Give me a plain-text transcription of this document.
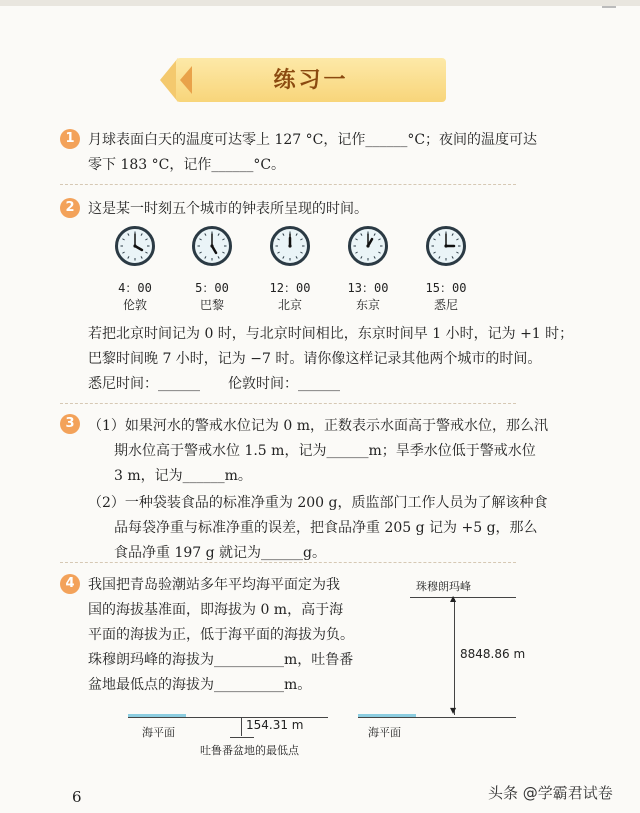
练习一
1 月球表面白天的温度可达零上 127 °C，记作______°C；夜间的温度可达
零下 183 °C，记作______°C。
2 这是某一时刻五个城市的钟表所呈现的时间。
4：00	5：00	12：00	13：00	15：00
伦敦	巴黎	北京	东京	悉尼
若把北京时间记为 0 时，与北京时间相比，东京时间早 1 小时，记为 +1 时；
巴黎时间晚 7 小时，记为 −7 时。请你像这样记录其他两个城市的时间。
悉尼时间：______ 伦敦时间：______
3 （1）如果河水的警戒水位记为 0 m，正数表示水面高于警戒水位，那么汛
期水位高于警戒水位 1.5 m，记为______m；旱季水位低于警戒水位
3 m，记为______m。
（2）一种袋装食品的标准净重为 200 g，质监部门工作人员为了解该种食
品每袋净重与标准净重的误差，把食品净重 205 g 记为 +5 g，那么
食品净重 197 g 就记为______g。
4 我国把青岛验潮站多年平均海平面定为我
国的海拔基准面，即海拔为 0 m，高于海
平面的海拔为正，低于海平面的海拔为负。
珠穆朗玛峰的海拔为__________m，吐鲁番
盆地最低点的海拔为__________m。
珠穆朗玛峰
▲
▼
8848.86 m
海平面
154.31 m
海平面
吐鲁番盆地的最低点
6	头条 @学霸君试卷
